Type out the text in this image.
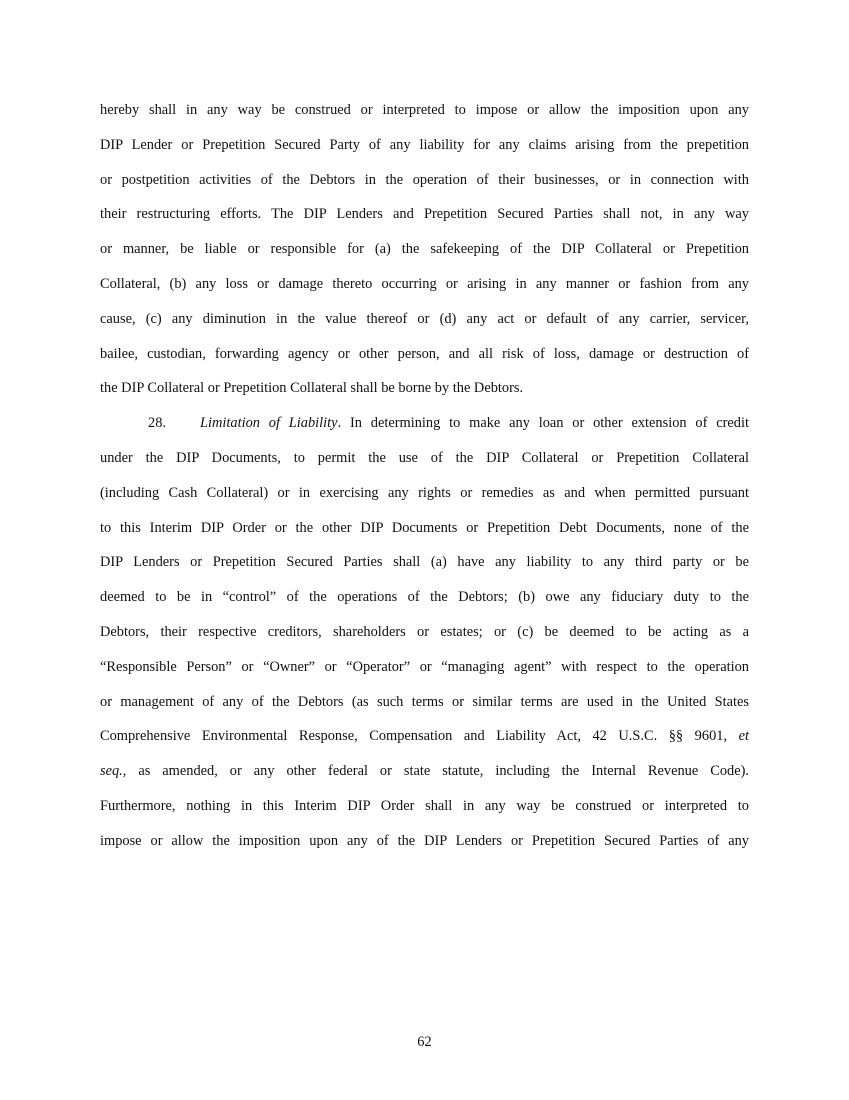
hereby shall in any way be construed or interpreted to impose or allow the imposition upon any
DIP Lender or Prepetition Secured Party of any liability for any claims arising from the prepetition
or postpetition activities of the Debtors in the operation of their businesses, or in connection with
their restructuring efforts. The DIP Lenders and Prepetition Secured Parties shall not, in any way
or manner, be liable or responsible for (a) the safekeeping of the DIP Collateral or Prepetition
Collateral, (b) any loss or damage thereto occurring or arising in any manner or fashion from any
cause, (c) any diminution in the value thereof or (d) any act or default of any carrier, servicer,
bailee, custodian, forwarding agency or other person, and all risk of loss, damage or destruction of
the DIP Collateral or Prepetition Collateral shall be borne by the Debtors.
28. Limitation of Liability. In determining to make any loan or other extension of credit
under the DIP Documents, to permit the use of the DIP Collateral or Prepetition Collateral
(including Cash Collateral) or in exercising any rights or remedies as and when permitted pursuant
to this Interim DIP Order or the other DIP Documents or Prepetition Debt Documents, none of the
DIP Lenders or Prepetition Secured Parties shall (a) have any liability to any third party or be
deemed to be in “control” of the operations of the Debtors; (b) owe any fiduciary duty to the
Debtors, their respective creditors, shareholders or estates; or (c) be deemed to be acting as a
“Responsible Person” or “Owner” or “Operator” or “managing agent” with respect to the operation
or management of any of the Debtors (as such terms or similar terms are used in the United States
Comprehensive Environmental Response, Compensation and Liability Act, 42 U.S.C. §§ 9601, et
seq., as amended, or any other federal or state statute, including the Internal Revenue Code).
Furthermore, nothing in this Interim DIP Order shall in any way be construed or interpreted to
impose or allow the imposition upon any of the DIP Lenders or Prepetition Secured Parties of any
62
